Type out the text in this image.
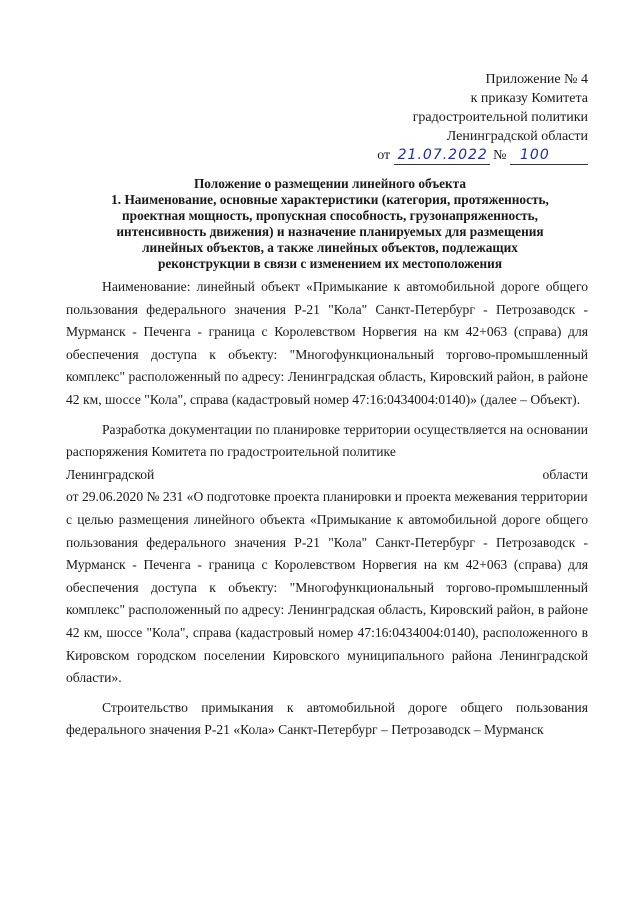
Приложение № 4
к приказу Комитета
градостроительной политики
Ленинградской области
от 21.07.2022 № 100
Положение о размещении линейного объекта
1. Наименование, основные характеристики (категория, протяженность,
проектная мощность, пропускная способность, грузонапряженность,
интенсивность движения) и назначение планируемых для размещения
линейных объектов, а также линейных объектов, подлежащих
реконструкции в связи с изменением их местоположения

Наименование: линейный объект «Примыкание к автомобильной дороге общего пользования федерального значения Р-21 "Кола" Санкт-Петербург - Петрозаводск - Мурманск - Печенга - граница с Королевством Норвегия на км 42+063 (справа) для обеспечения доступа к объекту: "Многофункциональный торгово-промышленный комплекс" расположенный по адресу: Ленинградская область, Кировский район, в районе 42 км, шоссе "Кола", справа (кадастровый номер 47:16:0434004:0140)» (далее – Объект).

Разработка документации по планировке территории осуществляется на основании распоряжения Комитета по градостроительной политике

Ленинградской	области

от 29.06.2020 № 231 «О подготовке проекта планировки и проекта межевания территории

с целью размещения линейного объекта «Примыкание к автомобильной дороге общего пользования федерального значения Р-21 "Кола" Санкт-Петербург - Петрозаводск - Мурманск - Печенга - граница с Королевством Норвегия на км 42+063 (справа) для обеспечения доступа к объекту: "Многофункциональный торгово-промышленный комплекс" расположенный по адресу: Ленинградская область, Кировский район, в районе 42 км, шоссе "Кола", справа (кадастровый номер 47:16:0434004:0140), расположенного в Кировском городском поселении Кировского муниципального района Ленинградской области».

Строительство примыкания к автомобильной дороге общего пользования федерального значения Р-21 «Кола» Санкт-Петербург – Петрозаводск – Мурманск
